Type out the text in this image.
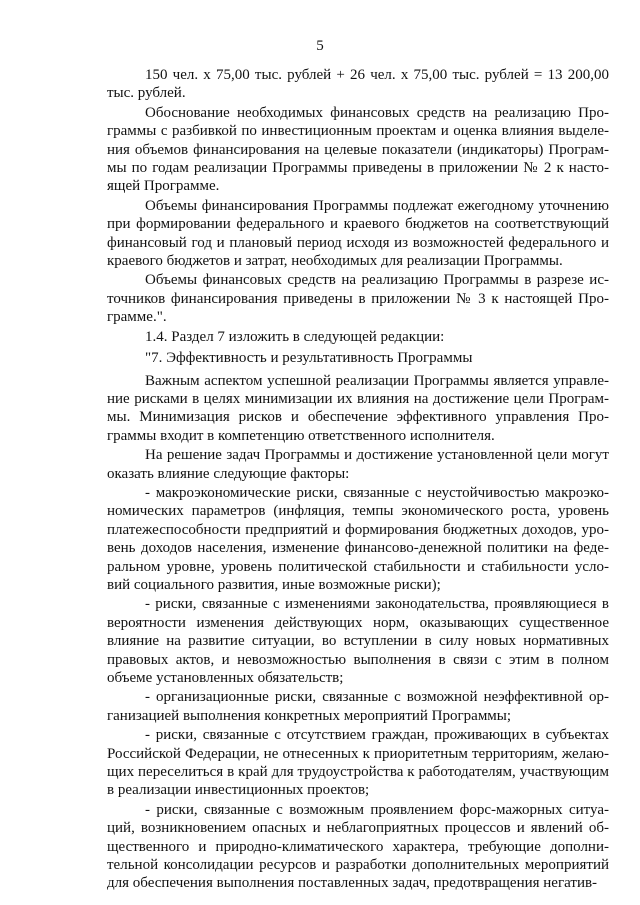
5

150 чел. х 75,00 тыс. рублей + 26 чел. х 75,00 тыс. рублей = 13 200,00 тыс. рублей.

Обоснование необходимых финансовых средств на реализацию Программы с разбивкой по инвестиционным проектам и оценка влияния выделения объемов финансирования на целевые показатели (индикаторы) Программы по годам реализации Программы приведены в приложении № 2 к настоящей Программе.

Объемы финансирования Программы подлежат ежегодному уточнению при формировании федерального и краевого бюджетов на соответствующий финансовый год и плановый период исходя из возможностей федерального и краевого бюджетов и затрат, необходимых для реализации Программы.

Объемы финансовых средств на реализацию Программы в разрезе источников финансирования приведены в приложении № 3 к настоящей Программе.".

1.4. Раздел 7 изложить в следующей редакции:

"7. Эффективность и результативность Программы

Важным аспектом успешной реализации Программы является управление рисками в целях минимизации их влияния на достижение цели Программы. Минимизация рисков и обеспечение эффективного управления Программы входит в компетенцию ответственного исполнителя.

На решение задач Программы и достижение установленной цели могут оказать влияние следующие факторы:

- макроэкономические риски, связанные с неустойчивостью макроэкономических параметров (инфляция, темпы экономического роста, уровень платежеспособности предприятий и формирования бюджетных доходов, уровень доходов населения, изменение финансово-денежной политики на федеральном уровне, уровень политической стабильности и стабильности условий социального развития, иные возможные риски);

- риски, связанные с изменениями законодательства, проявляющиеся в вероятности изменения действующих норм, оказывающих существенное влияние на развитие ситуации, во вступлении в силу новых нормативных правовых актов, и невозможностью выполнения в связи с этим в полном объеме установленных обязательств;

- организационные риски, связанные с возможной неэффективной организацией выполнения конкретных мероприятий Программы;

- риски, связанные с отсутствием граждан, проживающих в субъектах Российской Федерации, не отнесенных к приоритетным территориям, желающих переселиться в край для трудоустройства к работодателям, участвующим в реализации инвестиционных проектов;

- риски, связанные с возможным проявлением форс-мажорных ситуаций, возникновением опасных и неблагоприятных процессов и явлений общественного и природно-климатического характера, требующие дополнительной консолидации ресурсов и разработки дополнительных мероприятий для обеспечения выполнения поставленных задач, предотвращения негатив-
